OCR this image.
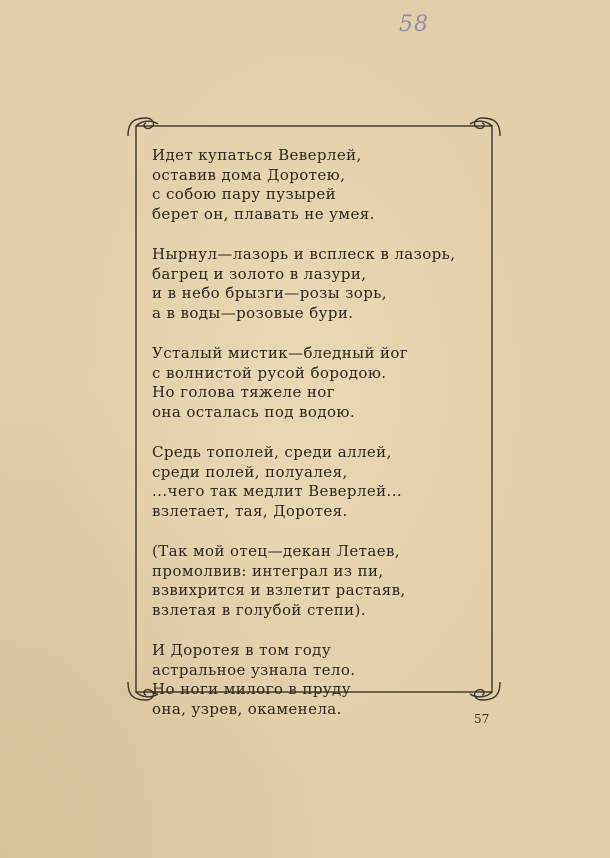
58
Идет купаться Веверлей,
оставив дома Доротею,
с собою пару пузырей
берет он, плавать не умея.
Нырнул—лазорь и всплеск в лазорь,
багрец и золото в лазури,
и в небо брызги—розы зорь,
а в воды—розовые бури.
Усталый мистик—бледный йог
с волнистой русой бородою.
Но голова тяжеле ног
она осталась под водою.
Средь тополей, среди аллей,
среди полей, полуалея,
...чего так медлит Веверлей...
взлетает, тая, Доротея.
(Так мой отец—декан Летаев,
промолвив: интеграл из пи,
взвихрится и взлетит растаяв,
взлетая в голубой степи).
И Доротея в том году
астральное узнала тело.
Но ноги милого в пруду
она, узрев, окаменела.
57
